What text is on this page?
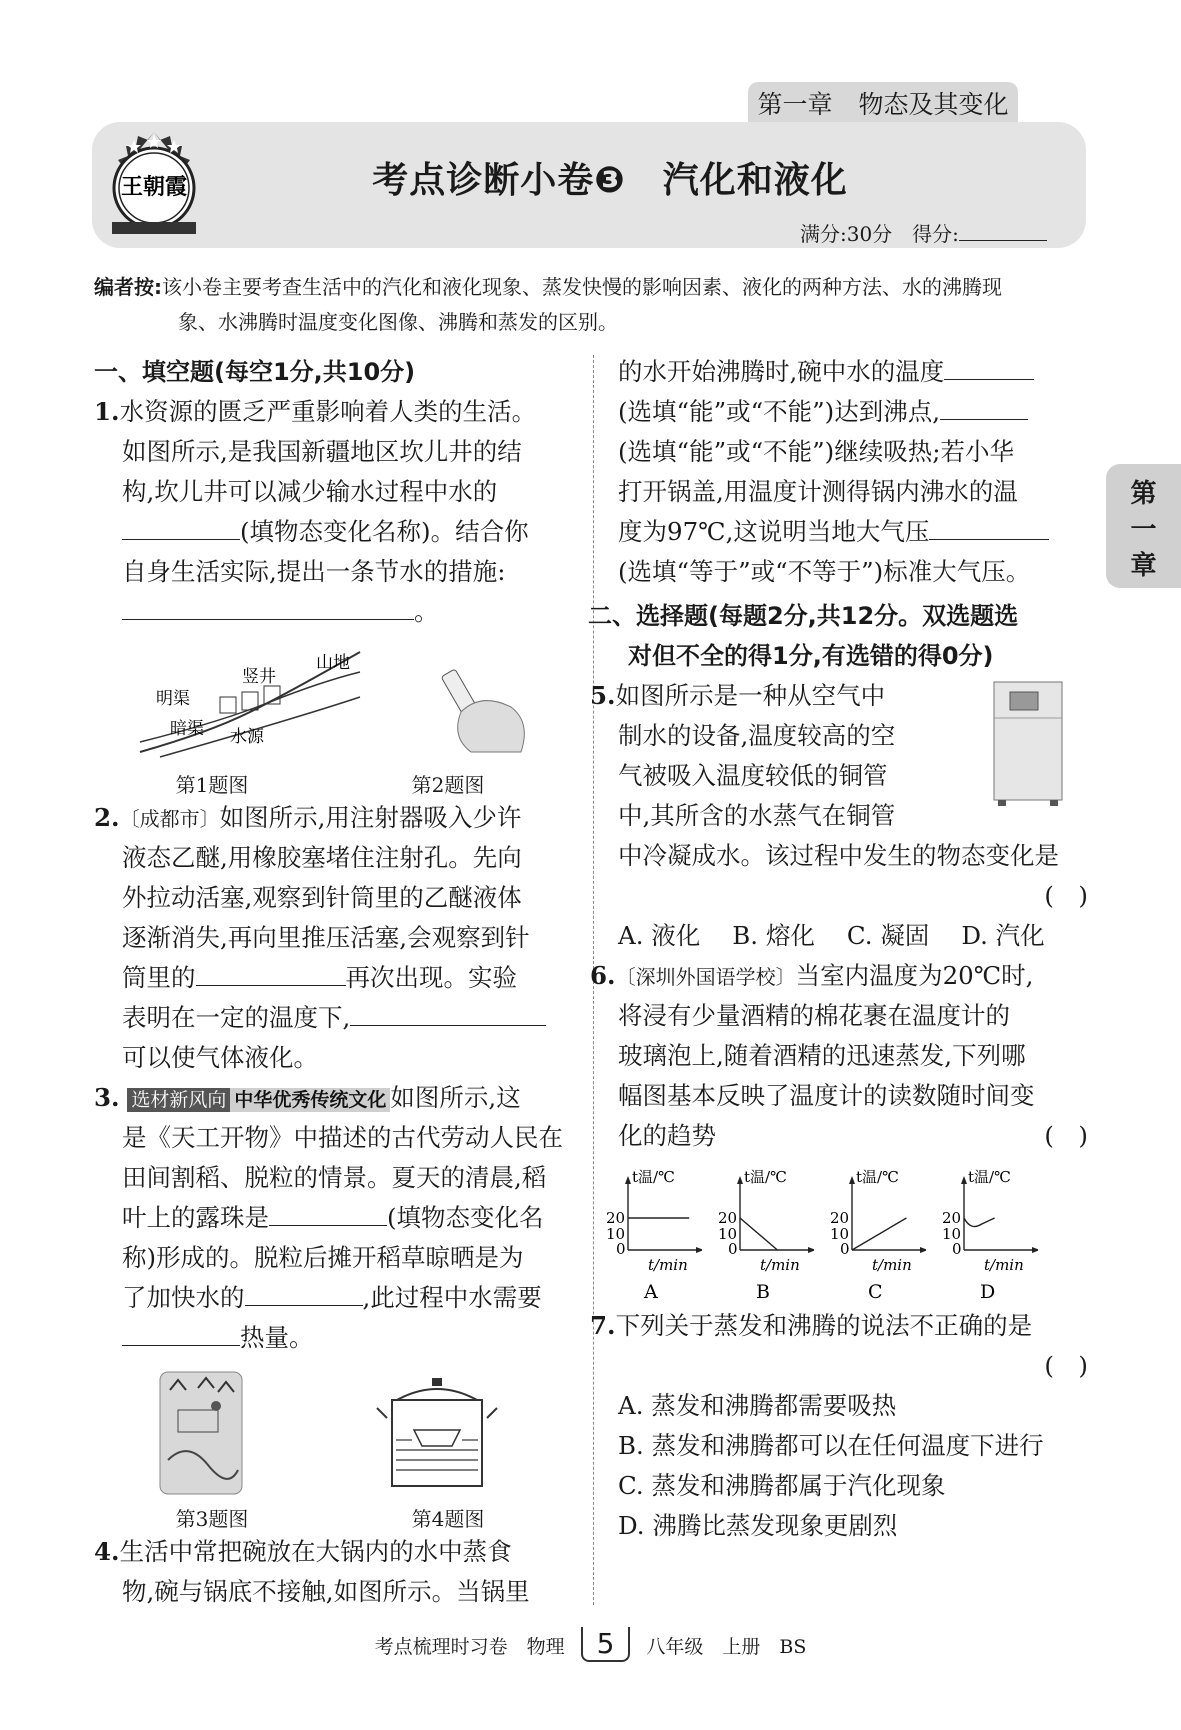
第一章 物态及其变化
王朝霞	考点诊断小卷❸　汽化和液化
满分:30分　得分:
编者按:该小卷主要考查生活中的汽化和液化现象、蒸发快慢的影响因素、液化的两种方法、水的沸腾现
象、水沸腾时温度变化图像、沸腾和蒸发的区别。
一、填空题(每空1分,共10分)
1.水资源的匮乏严重影响着人类的生活。
如图所示,是我国新疆地区坎儿井的结
构,坎儿井可以减少输水过程中水的
(填物态变化名称)。结合你
自身生活实际,提出一条节水的措施:
。
山地
竖井
明渠
暗渠 水源
第1题图	第2题图
2.〔成都市〕如图所示,用注射器吸入少许
液态乙醚,用橡胶塞堵住注射孔。先向
外拉动活塞,观察到针筒里的乙醚液体
逐渐消失,再向里推压活塞,会观察到针
筒里的	再次出现。实验
表明在一定的温度下,
可以使气体液化。
3. 选材新风向 中华优秀传统文化 如图所示,这
是《天工开物》中描述的古代劳动人民在
田间割稻、脱粒的情景。夏天的清晨,稻
叶上的露珠是	(填物态变化名
称)形成的。脱粒后摊开稻草晾晒是为
了加快水的	,此过程中水需要
热量。
第3题图	第4题图
4.生活中常把碗放在大锅内的水中蒸食
物,碗与锅底不接触,如图所示。当锅里
的水开始沸腾时,碗中水的温度
(选填“能”或“不能”)达到沸点,
(选填“能”或“不能”)继续吸热;若小华
打开锅盖,用温度计测得锅内沸水的温
度为97℃,这说明当地大气压
(选填“等于”或“不等于”)标准大气压。
二、选择题(每题2分,共12分。双选题选
对但不全的得1分,有选错的得0分)
5.如图所示是一种从空气中
制水的设备,温度较高的空
气被吸入温度较低的铜管
中,其所含的水蒸气在铜管
中冷凝成水。该过程中发生的物态变化是
(　)
A. 液化 B. 熔化 C. 凝固 D. 汽化
6.〔深圳外国语学校〕当室内温度为20℃时,
将浸有少量酒精的棉花裹在温度计的
玻璃泡上,随着酒精的迅速蒸发,下列哪
幅图基本反映了温度计的读数随时间变
化的趋势	(　)
t温/℃
t/min
20
10
0
A
t温/℃
t/min
20
10
0
B
t温/℃
t/min
20
10
0
C
t温/℃
t/min
20
10
0
D
7.下列关于蒸发和沸腾的说法不正确的是
(　)
A. 蒸发和沸腾都需要吸热
B. 蒸发和沸腾都可以在任何温度下进行
C. 蒸发和沸腾都属于汽化现象
D. 沸腾比蒸发现象更剧烈
第
一
章
考点梳理时习卷　物理 5 八年级　上册　BS
